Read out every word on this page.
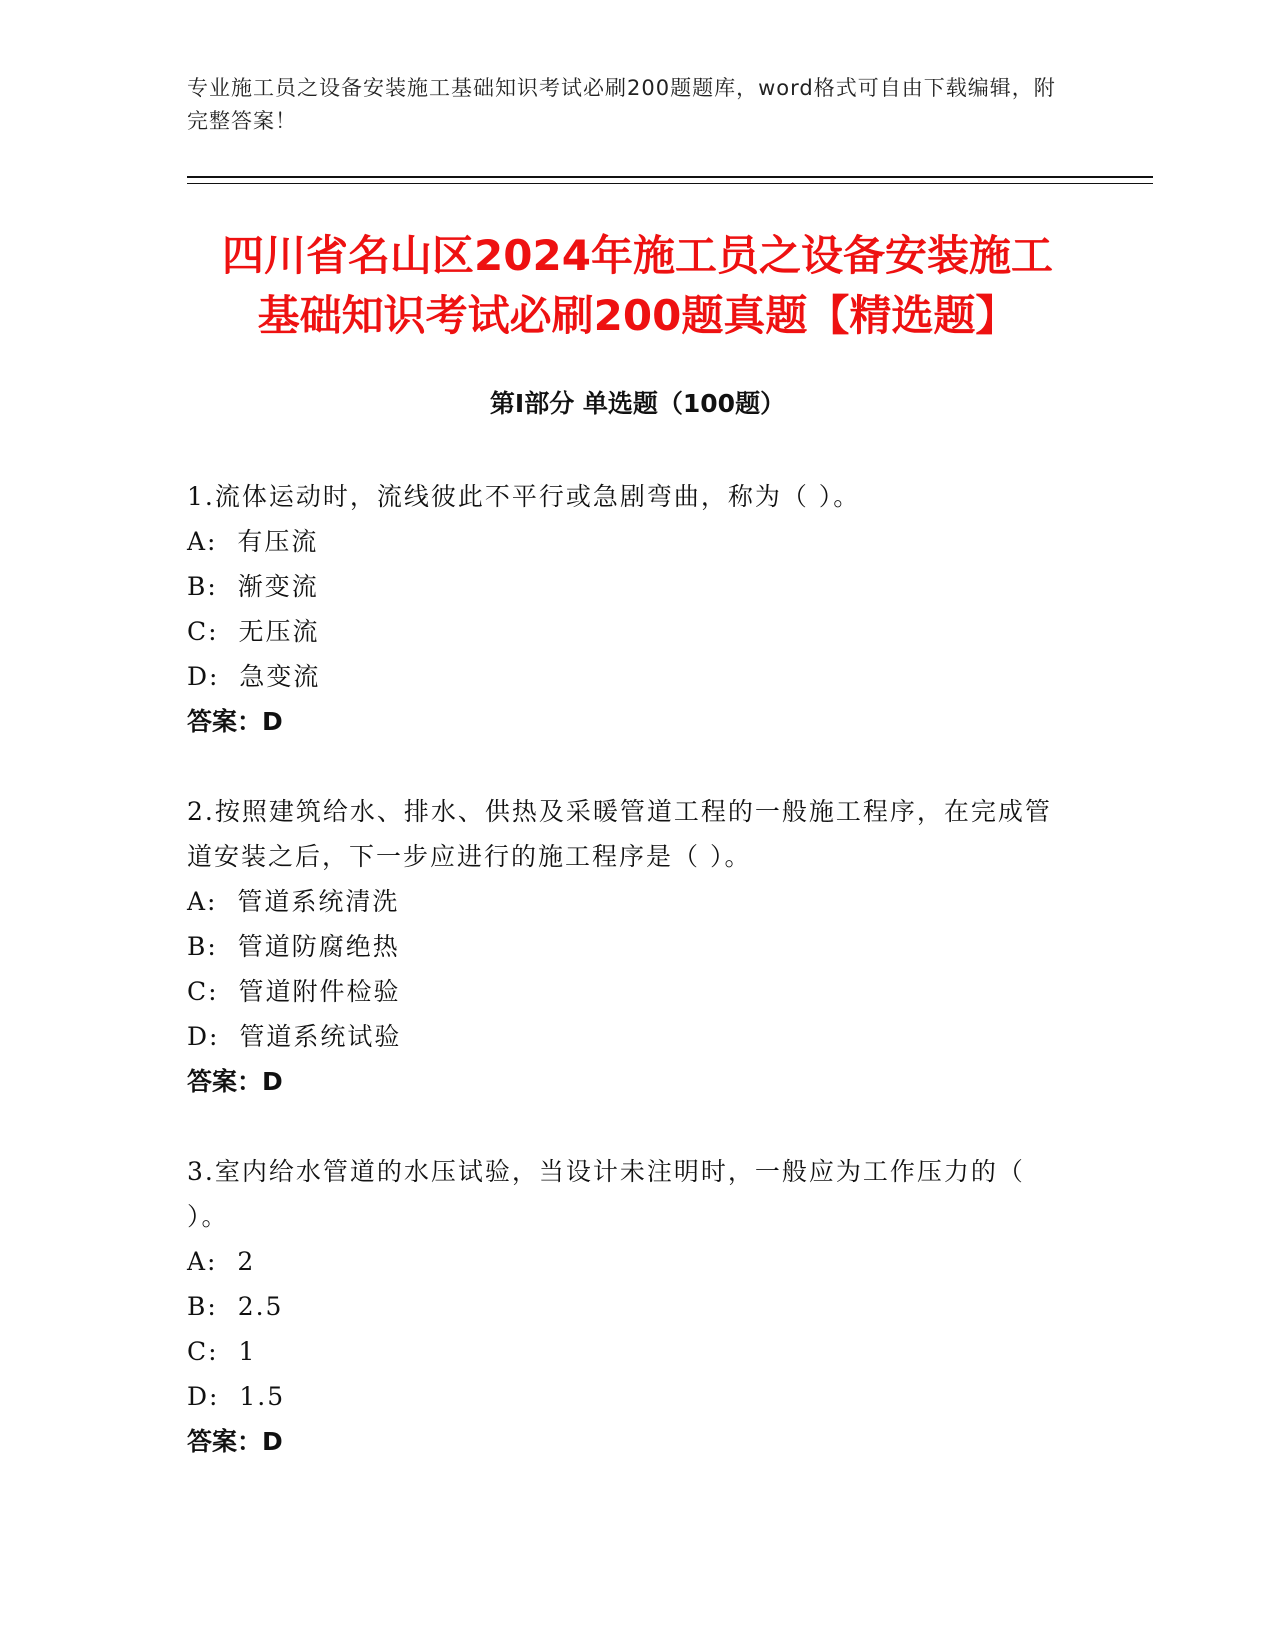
专业施工员之设备安装施工基础知识考试必刷200题题库，word格式可自由下载编辑，附完整答案！
四川省名山区2024年施工员之设备安装施工
基础知识考试必刷200题真题【精选题】
第Ⅰ部分 单选题（100题）

1.流体运动时，流线彼此不平行或急剧弯曲，称为（ ）。

A:  有压流

B:  渐变流

C:  无压流

D:  急变流

答案：D

2.按照建筑给水、排水、供热及采暖管道工程的一般施工程序，在完成管道安装之后，下一步应进行的施工程序是（ ）。

A:  管道系统清洗

B:  管道防腐绝热

C:  管道附件检验

D:  管道系统试验

答案：D

3.室内给水管道的水压试验，当设计未注明时，一般应为工作压力的（ ）。

A:  2

B:  2.5

C:  1

D:  1.5

答案：D
